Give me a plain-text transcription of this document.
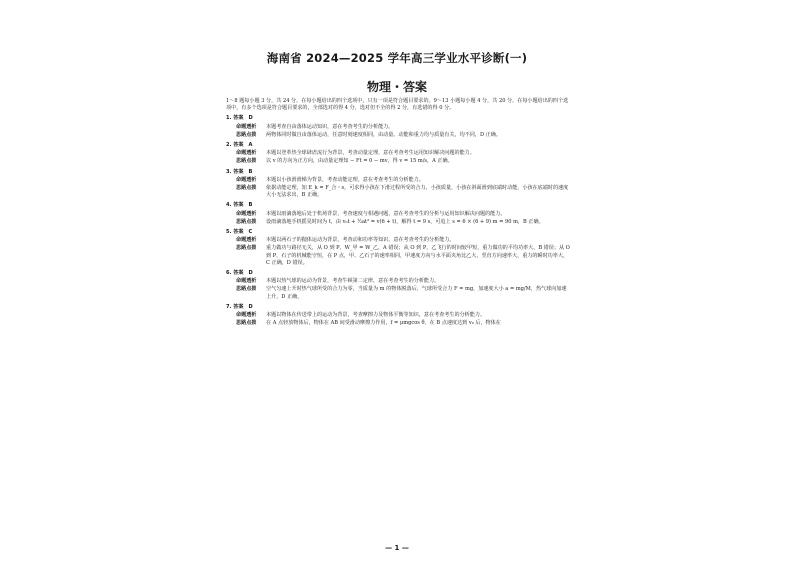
海南省 2024—2025 学年高三学业水平诊断(一)
物理・答案
1～8 题每小题 3 分，共 24 分，在每小题给出的四个选项中，只有一项是符合题目要求的。9～13 小题每小题 4 分，共 20 分，在每小题给出的四个选项中，有多个选项是符合题目要求的，全部选对的得 4 分，选对但不全的得 2 分，有选错的得 0 分。
1. 答案　D
命题透析	本题考查自由落体运动知识，意在考查考生的分析能力。
思路点拨	两物体同时做自由落体运动，任意时刻速度相同，由动量、动能和重力均与质量有关，均不同，D 正确。
2. 答案　A
命题透析	本题以登革热全球肆虐流行为背景，考查动量定理，意在考查考生运用知识解决问题的能力。
思路点拨	以 v 的方向为正方向，由动量定理知 − Ft = 0 − mv，得 v = 15 m/s，A 正确。
3. 答案　B
命题透析	本题以小孩滑滑梯为背景，考查动能定理，意在考查考生的分析能力。
思路点拨	依据动能定理，知 E_k = F_合・s，可求得小孩在下滑过程所受的合力、小孩质量，小孩在斜面滑到底端时动能，小孩在底端时的速度大小无法求出，B 正确。
4. 答案　B
命题透析	本题以雨滴落地后处于机场背景，考查速度与相遇问题，意在考查考生的分析与运用知识解决问题的能力。
思路点拨	设雨滴落地手机摇晃时间为 t，由 v₀t + ½at² = v(6 + t)，解得 t = 9 s，可追上 s = 6 × (6 + 9) m = 90 m，B 正确。
5. 答案　C
命题透析	本题以两石子的抛体运动为背景，考查动和功率等知识，意在考查考生的分析能力。
思路点拨	重力做功与路径无关，从 O 到 P，W_甲 = W_乙，A 错误；从 O 到 P，乙飞行的时间较甲短，重力做功的平均功率大，B 错误；从 O 到 P，石子的机械能守恒，在 P 点，甲、乙石子的速率相同，甲速度方向与水平面夹角比乙大，竖直方向速率大，重力的瞬时功率大，C 正确，D 错误。
6. 答案　D
命题透析	本题以热气球的运动为背景，考查牛顿第二定律，意在考查考生的分析能力。
思路点拨	空气匀速上升时热气球所受的合力为零，当质量为 m 的物体脱落后，气球所受合力 F = mg，加速度大小 a = mg/M，热气球向加速上升，D 正确。
7. 答案　D
命题透析	本题以物体在传送带上的运动为背景，考查摩擦力及物体平衡等知识，意在考查考生的分析能力。
思路点拨	在 A 点轻放物体后，物体在 AB 间受滑动摩擦力作用，f = μmgcos θ，在 B 点速度达到 v₀ 后，物体在
— 1 —
